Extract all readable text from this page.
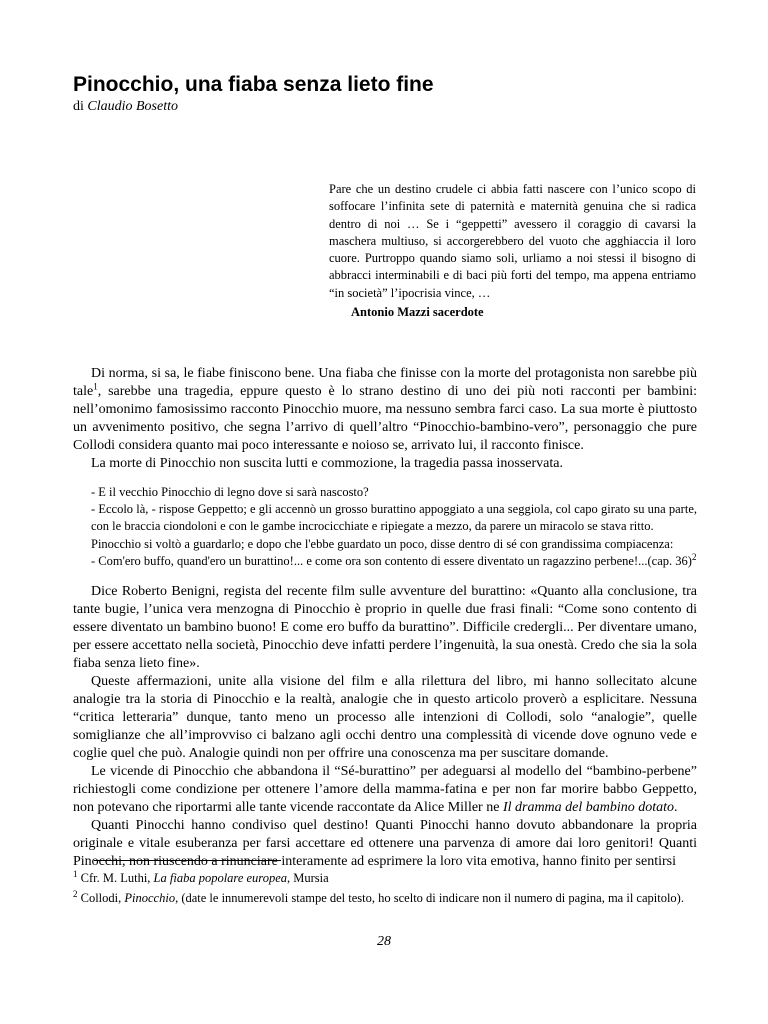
Pinocchio, una fiaba senza lieto fine
di Claudio Bosetto

Pare che un destino crudele ci abbia fatti nascere con l’unico scopo di soffocare l’infinita sete di paternità e maternità genuina che si radica dentro di noi … Se i “geppetti” avessero il coraggio di cavarsi la maschera multiuso, si accorgerebbero del vuoto che agghiaccia il loro cuore. Purtroppo quando siamo soli, urliamo a noi stessi il bisogno di abbracci interminabili e di baci più forti del tempo, ma appena entriamo “in società” l’ipocrisia vince, …

Antonio Mazzi sacerdote

Di norma, si sa, le fiabe finiscono bene. Una fiaba che finisse con la morte del protagonista non sarebbe più tale$^1$, sarebbe una tragedia, eppure questo è lo strano destino di uno dei più noti racconti per bambini: nell’omonimo famosissimo racconto Pinocchio muore, ma nessuno sembra farci caso. La sua morte è piuttosto un avvenimento positivo, che segna l’arrivo di quell’altro “Pinocchio-bambino-vero”, personaggio che pure Collodi considera quanto mai poco interessante e noioso se, arrivato lui, il racconto finisce.

La morte di Pinocchio non suscita lutti e commozione, la tragedia passa inosservata.

- E il vecchio Pinocchio di legno dove si sarà nascosto?

- Eccolo là, - rispose Geppetto; e gli accennò un grosso burattino appoggiato a una seggiola, col capo girato su una parte, con le braccia ciondoloni e con le gambe incrocicchiate e ripiegate a mezzo, da parere un miracolo se stava ritto.

Pinocchio si voltò a guardarlo; e dopo che l'ebbe guardato un poco, disse dentro di sé con grandissima compiacenza:

- Com'ero buffo, quand'ero un burattino!... e come ora son contento di essere diventato un ragazzino perbene!...(cap. 36)$^2$

Dice Roberto Benigni, regista del recente film sulle avventure del burattino: «Quanto alla conclusione, tra tante bugie, l’unica vera menzogna di Pinocchio è proprio in quelle due frasi finali: “Come sono contento di essere diventato un bambino buono! E come ero buffo da burattino”. Difficile credergli... Per diventare umano, per essere accettato nella società, Pinocchio deve infatti perdere l’ingenuità, la sua onestà. Credo che sia la sola fiaba senza lieto fine».

Queste affermazioni, unite alla visione del film e alla rilettura del libro, mi hanno sollecitato alcune analogie tra la storia di Pinocchio e la realtà, analogie che in questo articolo proverò a esplicitare. Nessuna “critica letteraria” dunque, tanto meno un processo alle intenzioni di Collodi, solo “analogie”, quelle somiglianze che all’improvviso ci balzano agli occhi dentro una complessità di vicende dove ognuno vede e coglie quel che può. Analogie quindi non per offrire una conoscenza ma per suscitare domande.

Le vicende di Pinocchio che abbandona il “Sé-burattino” per adeguarsi al modello del “bambino-perbene” richiestogli come condizione per ottenere l’amore della mamma-fatina e per non far morire babbo Geppetto, non potevano che riportarmi alle tante vicende raccontate da Alice Miller ne Il dramma del bambino dotato.

Quanti Pinocchi hanno condiviso quel destino! Quanti Pinocchi hanno dovuto abbandonare la propria originale e vitale esuberanza per farsi accettare ed ottenere una parvenza di amore dai loro genitori! Quanti Pinocchi, non riuscendo a rinunciare interamente ad esprimere la loro vita emotiva, hanno finito per sentirsi

$^1$ Cfr. M. Luthi, La fiaba popolare europea, Mursia

$^2$ Collodi, Pinocchio, (date le innumerevoli stampe del testo, ho scelto di indicare non il numero di pagina, ma il capitolo).

28
